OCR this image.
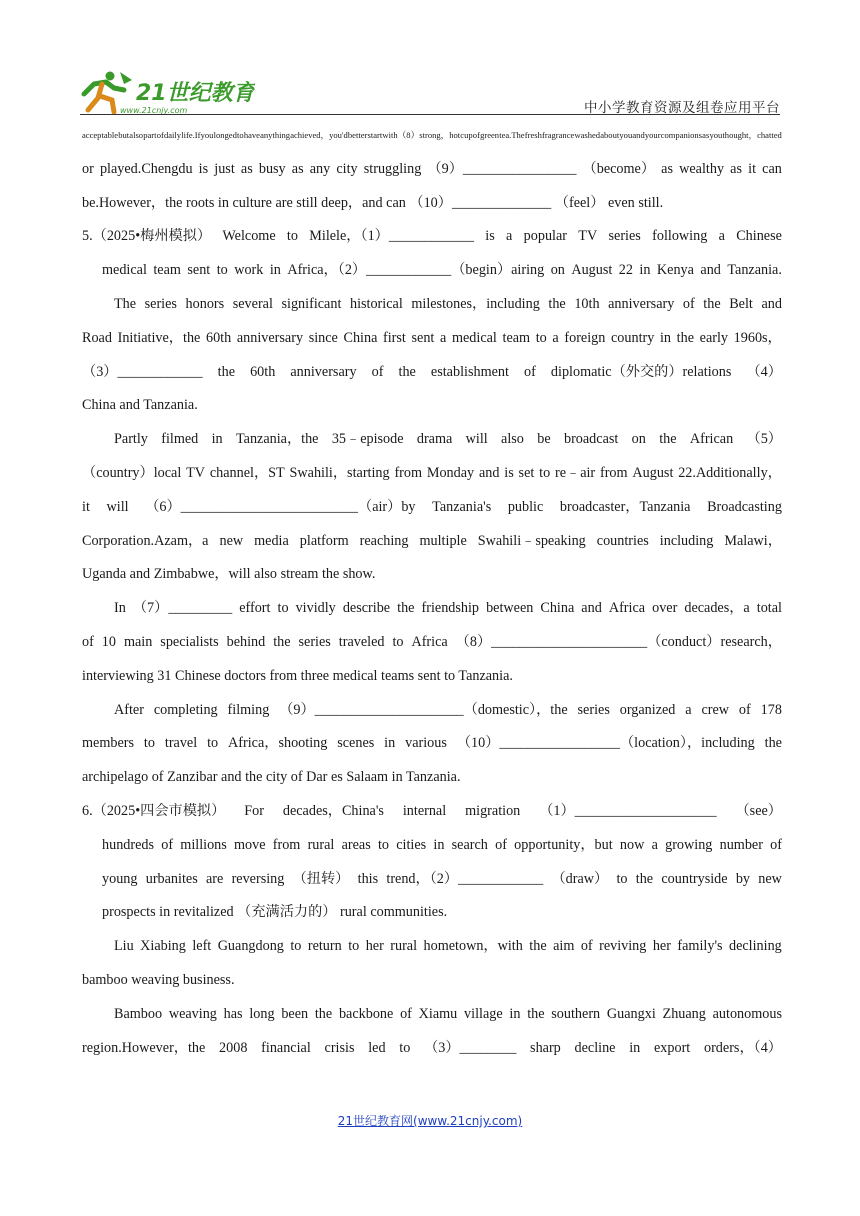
21世纪教育
www.21cnjy.com	中小学教育资源及组卷应用平台
acceptable but also part of daily life.If you longed to have anything achieved，you'd better start with （8） strong，hot cup of green tea.The fresh fragrance washed about you and your companions as you thought，chatted
or played.Chengdu is just as busy as any city struggling （9）________________ （become） as wealthy as it can
be.However，the roots in culture are still deep，and can （10）______________ （feel） even still.
5.（2025•梅州模拟） Welcome to Milele，（1）____________ is a popular TV series following a Chinese
medical team sent to work in Africa，（2）____________（begin）airing on August 22 in Kenya and Tanzania.
The series honors several significant historical milestones，including the 10th anniversary of the Belt and
Road Initiative，the 60th anniversary since China first sent a medical team to a foreign country in the early 1960s，
（3）____________ the 60th anniversary of the establishment of diplomatic（外交的）relations （4）
China and Tanzania.
Partly filmed in Tanzania，the 35﹣episode drama will also be broadcast on the African （5）
（country）local TV channel，ST Swahili，starting from Monday and is set to re﹣air from August 22.Additionally，
it will （6）_________________________（air）by Tanzania's public broadcaster，Tanzania Broadcasting
Corporation.Azam，a new media platform reaching multiple Swahili﹣speaking countries including Malawi，
Uganda and Zimbabwe，will also stream the show.
In （7）_________ effort to vividly describe the friendship between China and Africa over decades，a total
of 10 main specialists behind the series traveled to Africa （8）______________________（conduct）research，
interviewing 31 Chinese doctors from three medical teams sent to Tanzania.
After completing filming （9）_____________________（domestic），the series organized a crew of 178
members to travel to Africa，shooting scenes in various （10）_________________（location），including the
archipelago of Zanzibar and the city of Dar es Salaam in Tanzania.
6.（2025•四会市模拟） For decades，China's internal migration （1）____________________ （see）
hundreds of millions move from rural areas to cities in search of opportunity，but now a growing number of
young urbanites are reversing （扭转） this trend，（2）____________ （draw） to the countryside by new
prospects in revitalized （充满活力的） rural communities.
Liu Xiabing left Guangdong to return to her rural hometown，with the aim of reviving her family's declining
bamboo weaving business.
Bamboo weaving has long been the backbone of Xiamu village in the southern Guangxi Zhuang autonomous
region.However，the 2008 financial crisis led to （3）________ sharp decline in export orders，（4）
21世纪教育网(www.21cnjy.com)
